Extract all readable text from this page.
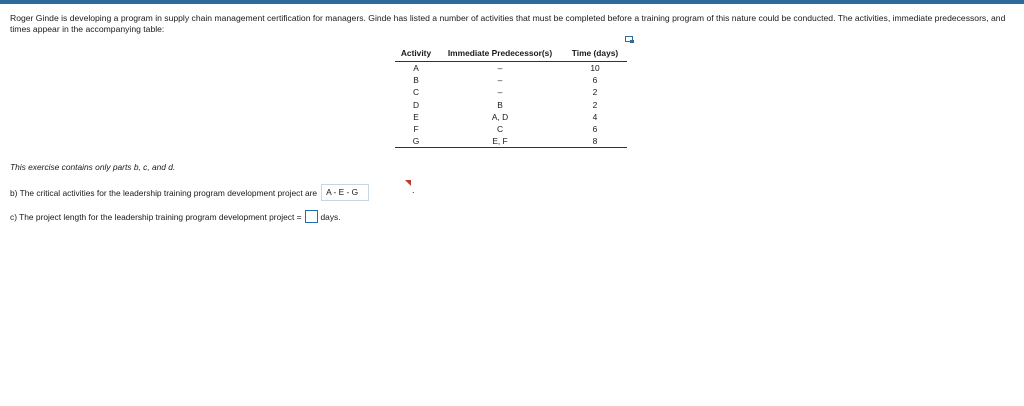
Roger Ginde is developing a program in supply chain management certification for managers. Ginde has listed a number of activities that must be completed before a training program of this nature could be conducted. The activities, immediate predecessors, and times appear in the accompanying table:
Activity	Immediate Predecessor(s)	Time (days)
A	–	10
B	–	6
C	–	2
D	B	2
E	A, D	4
F	C	6
G	E, F	8
This exercise contains only parts b, c, and d.
b) The critical activities for the leadership training program development project are	A - E - G	.
c) The project length for the leadership training program development project = days.
